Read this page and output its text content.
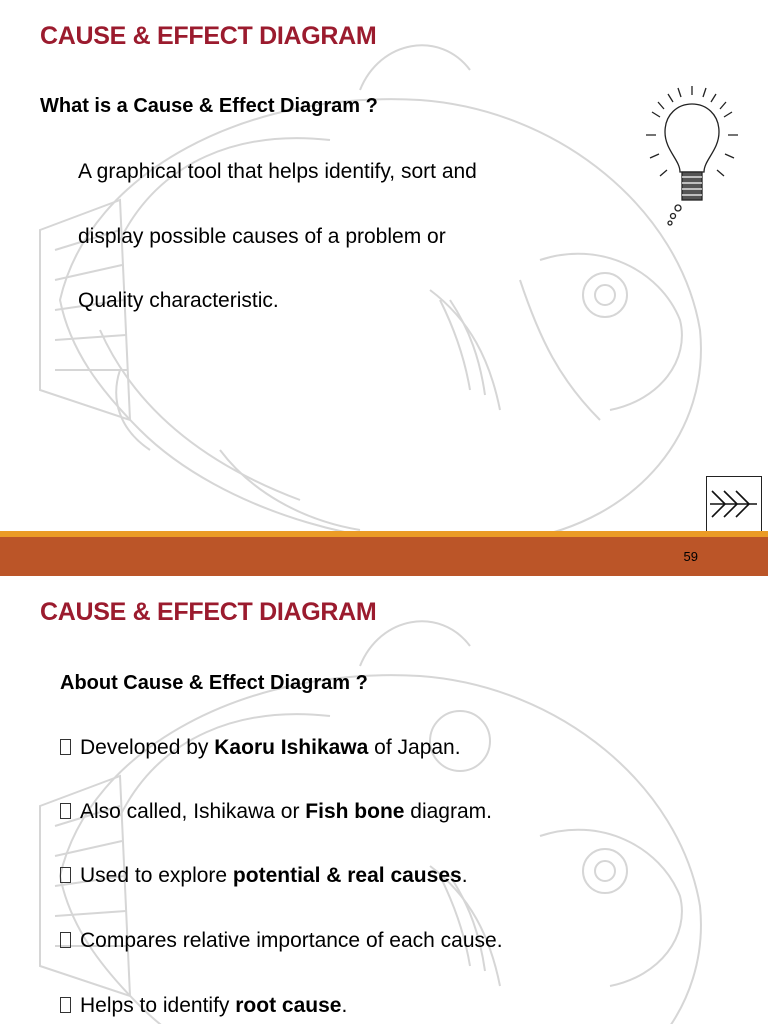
CAUSE & EFFECT DIAGRAM
What is a Cause & Effect Diagram ?

A graphical tool that helps identify, sort and

display possible causes of a problem or

Quality characteristic.

59
CAUSE & EFFECT DIAGRAM
About Cause & Effect Diagram ?

Developed by Kaoru Ishikawa of Japan.

Also called, Ishikawa or Fish bone diagram.

Used to explore potential & real causes.

Compares relative importance of each cause.

Helps to identify root cause.
